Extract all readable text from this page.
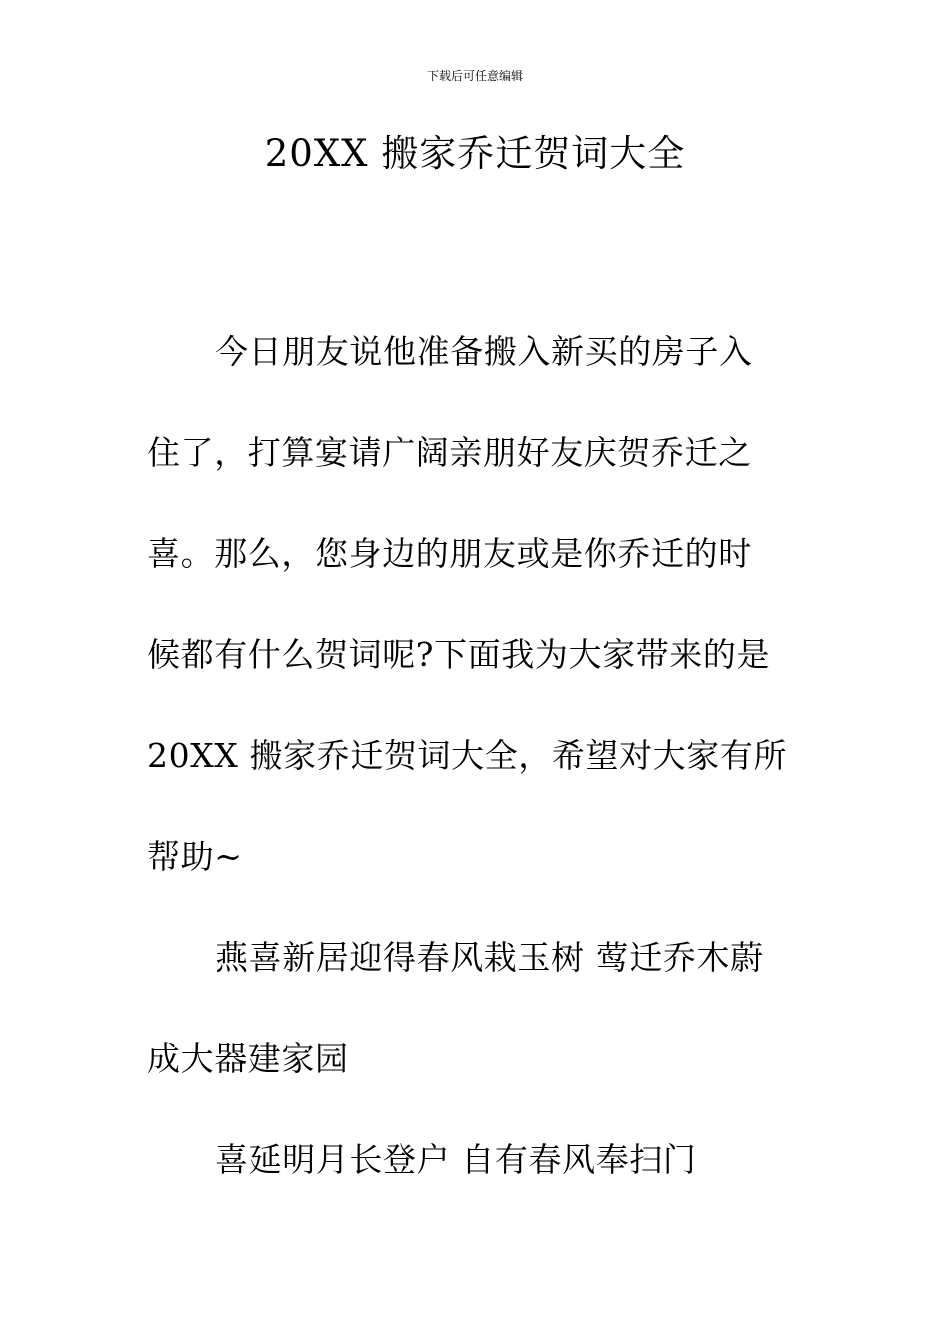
下载后可任意编辑
20XX 搬家乔迁贺词大全
今日朋友说他准备搬入新买的房子入
住了，打算宴请广阔亲朋好友庆贺乔迁之
喜。那么，您身边的朋友或是你乔迁的时
候都有什么贺词呢?下面我为大家带来的是
20XX 搬家乔迁贺词大全，希望对大家有所
帮助~
燕喜新居迎得春风栽玉树 莺迁乔木蔚
成大器建家园
喜延明月长登户 自有春风奉扫门
